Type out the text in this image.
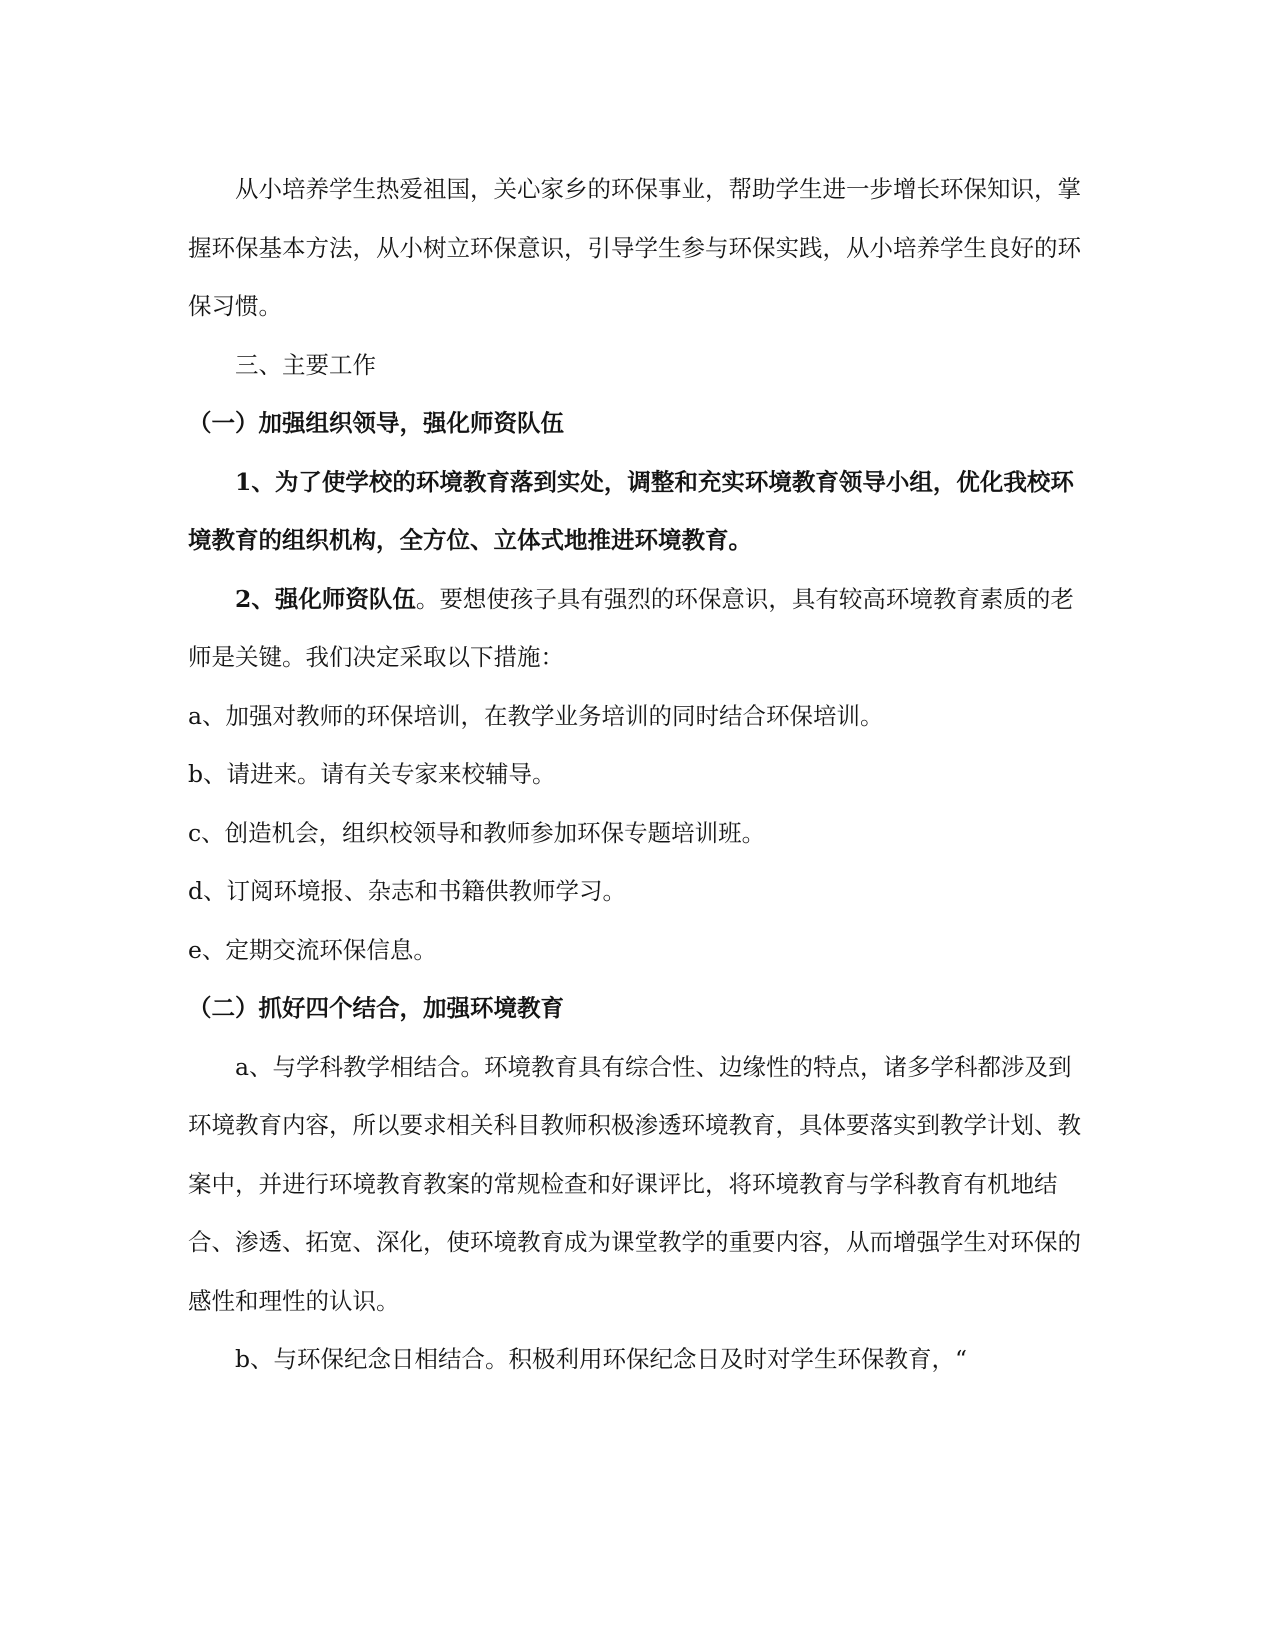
从小培养学生热爱祖国，关心家乡的环保事业，帮助学生进一步增长环保知识，掌握环保基本方法，从小树立环保意识，引导学生参与环保实践，从小培养学生良好的环保习惯。

三、主要工作

（一）加强组织领导，强化师资队伍

1、为了使学校的环境教育落到实处，调整和充实环境教育领导小组，优化我校环境教育的组织机构，全方位、立体式地推进环境教育。

2、强化师资队伍。要想使孩子具有强烈的环保意识，具有较高环境教育素质的老师是关键。我们决定采取以下措施：

a、加强对教师的环保培训，在教学业务培训的同时结合环保培训。

b、请进来。请有关专家来校辅导。

c、创造机会，组织校领导和教师参加环保专题培训班。

d、订阅环境报、杂志和书籍供教师学习。

e、定期交流环保信息。

（二）抓好四个结合，加强环境教育

a、与学科教学相结合。环境教育具有综合性、边缘性的特点，诸多学科都涉及到环境教育内容，所以要求相关科目教师积极渗透环境教育，具体要落实到教学计划、教案中，并进行环境教育教案的常规检查和好课评比，将环境教育与学科教育有机地结合、渗透、拓宽、深化，使环境教育成为课堂教学的重要内容，从而增强学生对环保的感性和理性的认识。

b、与环保纪念日相结合。积极利用环保纪念日及时对学生环保教育，“
